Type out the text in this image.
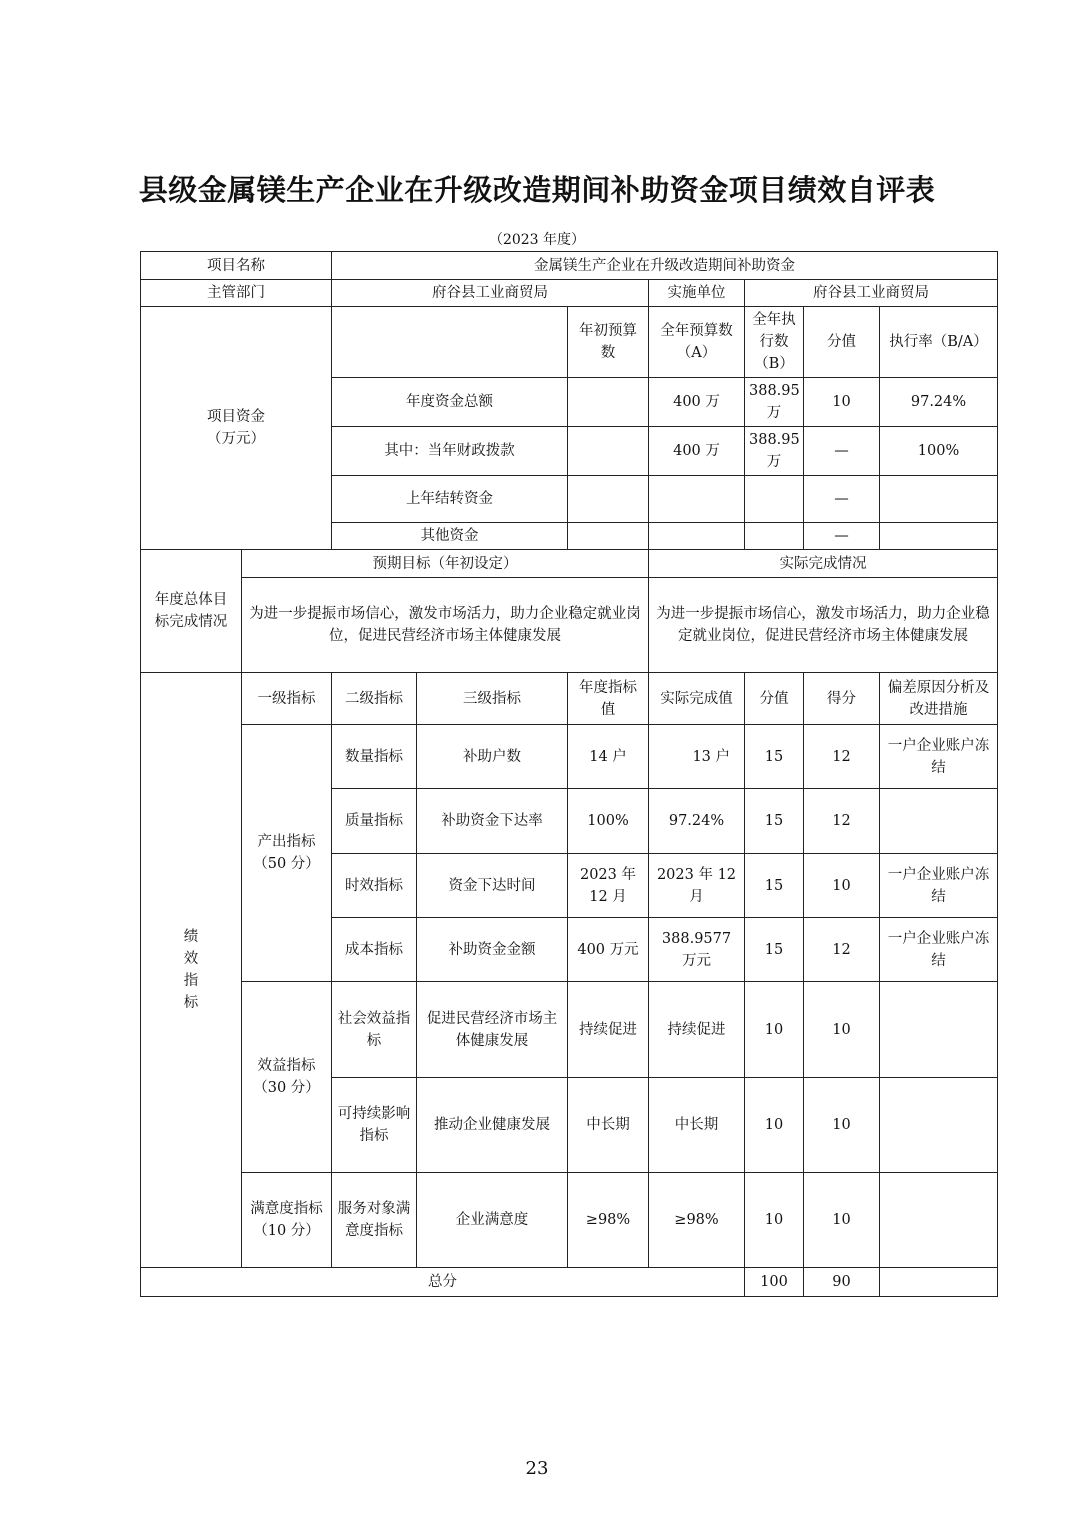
县级金属镁生产企业在升级改造期间补助资金项目绩效自评表
（2023 年度）
项目名称		金属镁生产企业在升级改造期间补助资金							
主管部门		府谷县工业商贸局			实施单位	府谷县工业商贸局			

项目资金
（万元）				年初预算数	全年预算数（A）	全年执行数（B）	分值	执行率（B/A）	
		年度资金总额			400 万	388.95 万	10	97.24%	
		其中：当年财政拨款			400 万	388.95 万	—	100%	
		上年结转资金					—		
		其他资金					—		
年度总体目标完成情况	预期目标（年初设定）				实际完成情况				
	为进一步提振市场信心，激发市场活力，助力企业稳定就业岗位，促进民营经济市场主体健康发展				为进一步提振市场信心，激发市场活力，助力企业稳定就业岗位，促进民营经济市场主体健康发展				

绩效指标	一级指标	二级指标	三级指标	年度指标值	实际完成值	分值	得分	偏差原因分析及改进措施	
	产出指标（50 分）	数量指标	补助户数	14 户	13 户	15	12	一户企业账户冻结	
		质量指标	补助资金下达率	100%	97.24%	15	12		
		时效指标	资金下达时间	2023 年 12 月	2023 年 12 月	15	10	一户企业账户冻结	
		成本指标	补助资金金额	400 万元	388.9577 万元	15	12	一户企业账户冻结	
	效益指标（30 分）	社会效益指标	促进民营经济市场主体健康发展	持续促进	持续促进	10	10		
		可持续影响指标	推动企业健康发展	中长期	中长期	10	10		
	满意度指标（10 分）	服务对象满意度指标	企业满意度	≥98%	≥98%	10	10		
总分						100	90		
23
